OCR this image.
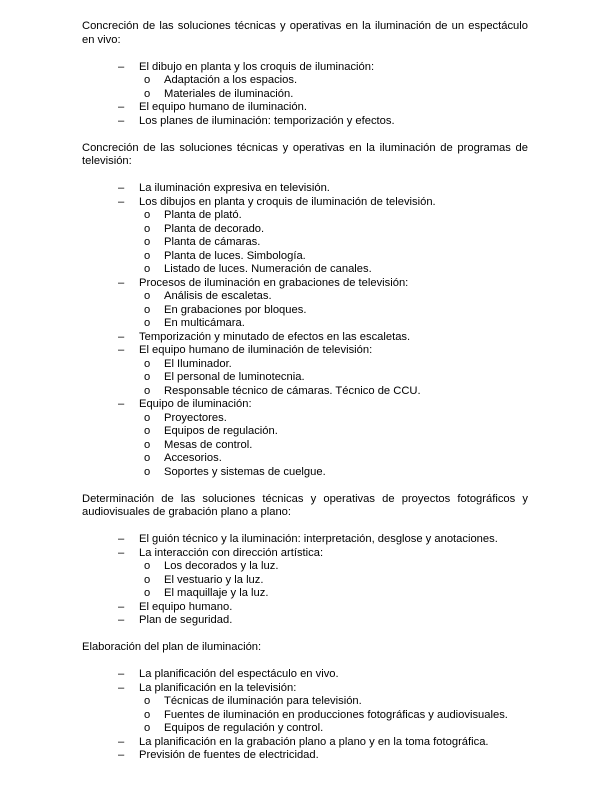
Concreción de las soluciones técnicas y operativas en la iluminación de un espectáculo en vivo:

– El dibujo en planta y los croquis de iluminación:
o Adaptación a los espacios.
o Materiales de iluminación.
– El equipo humano de iluminación.
– Los planes de iluminación: temporización y efectos.

Concreción de las soluciones técnicas y operativas en la iluminación de programas de televisión:

– La iluminación expresiva en televisión.
– Los dibujos en planta y croquis de iluminación de televisión.
o Planta de plató.
o Planta de decorado.
o Planta de cámaras.
o Planta de luces. Simbología.
o Listado de luces. Numeración de canales.
– Procesos de iluminación en grabaciones de televisión:
o Análisis de escaletas.
o En grabaciones por bloques.
o En multicámara.
– Temporización y minutado de efectos en las escaletas.
– El equipo humano de iluminación de televisión:
o El Iluminador.
o El personal de luminotecnia.
o Responsable técnico de cámaras. Técnico de CCU.
– Equipo de iluminación:
o Proyectores.
o Equipos de regulación.
o Mesas de control.
o Accesorios.
o Soportes y sistemas de cuelgue.

Determinación de las soluciones técnicas y operativas de proyectos fotográficos y audiovisuales de grabación plano a plano:

– El guión técnico y la iluminación: interpretación, desglose y anotaciones.
– La interacción con dirección artística:
o Los decorados y la luz.
o El vestuario y la luz.
o El maquillaje y la luz.
– El equipo humano.
– Plan de seguridad.

Elaboración del plan de iluminación:

– La planificación del espectáculo en vivo.
– La planificación en la televisión:
o Técnicas de iluminación para televisión.
o Fuentes de iluminación en producciones fotográficas y audiovisuales.
o Equipos de regulación y control.
– La planificación en la grabación plano a plano y en la toma fotográfica.
– Previsión de fuentes de electricidad.
